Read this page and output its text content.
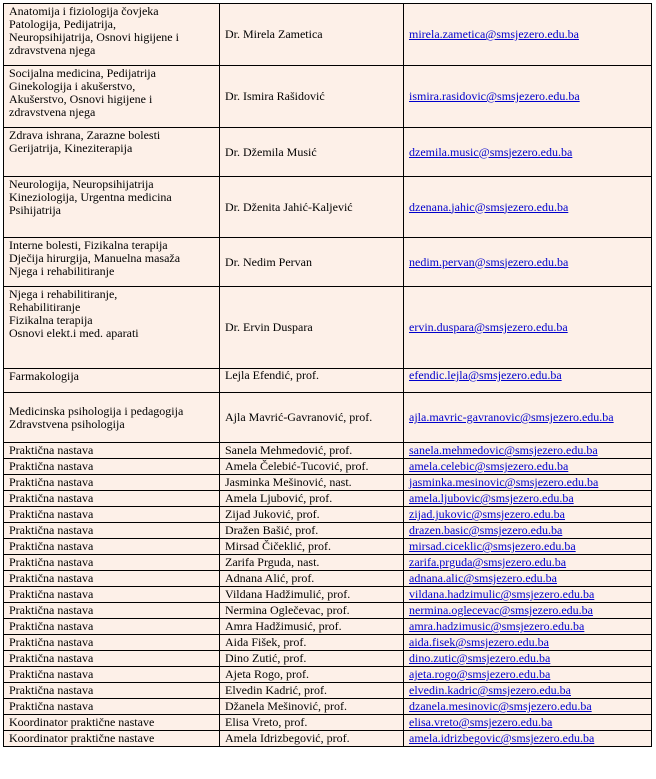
Anatomija i fiziologija čovjeka
Patologija, Pedijatrija,
Neuropsihijatrija, Osnovi higijene i
zdravstvena njega	Dr. Mirela Zametica	mirela.zametica@smsjezero.edu.ba
Socijalna medicina, Pedijatrija
Ginekologija i akušerstvo,
Akušerstvo, Osnovi higijene i
zdravstvena njega	Dr. Ismira Rašidović	ismira.rasidovic@smsjezero.edu.ba
Zdrava ishrana, Zarazne bolesti
Gerijatrija, Kineziterapija	Dr. Džemila Musić	dzemila.music@smsjezero.edu.ba
Neurologija, Neuropsihijatrija
Kineziologija, Urgentna medicina
Psihijatrija	Dr. Dženita Jahić-Kaljević	dzenana.jahic@smsjezero.edu.ba
Interne bolesti, Fizikalna terapija
Dječija hirurgija, Manuelna masaža
Njega i rehabilitiranje	Dr. Nedim Pervan	nedim.pervan@smsjezero.edu.ba
Njega i rehabilitiranje,
Rehabilitiranje
Fizikalna terapija
Osnovi elekt.i med. aparati	Dr. Ervin Duspara	ervin.duspara@smsjezero.edu.ba
Farmakologija	Lejla Efendić, prof.	efendic.lejla@smsjezero.edu.ba
Medicinska psihologija i pedagogija
Zdravstvena psihologija	Ajla Mavrić-Gavranović, prof.	ajla.mavric-gavranovic@smsjezero.edu.ba
Praktična nastava	Sanela Mehmedović, prof.	sanela.mehmedovic@smsjezero.edu.ba
Praktična nastava	Amela Čelebić-Tucović, prof.	amela.celebic@smsjezero.edu.ba
Praktična nastava	Jasminka Mešinović, nast.	jasminka.mesinovic@smsjezero.edu.ba
Praktična nastava	Amela Ljubović, prof.	amela.ljubovic@smsjezero.edu.ba
Praktična nastava	Zijad Juković, prof.	zijad.jukovic@smsjezero.edu.ba
Praktična nastava	Dražen Bašić, prof.	drazen.basic@smsjezero.edu.ba
Praktična nastava	Mirsad Čičeklić, prof.	mirsad.ciceklic@smsjezero.edu.ba
Praktična nastava	Zarifa Prguda, nast.	zarifa.prguda@smsjezero.edu.ba
Praktična nastava	Adnana Alić, prof.	adnana.alic@smsjezero.edu.ba
Praktična nastava	Vildana Hadžimulić, prof.	vildana.hadzimulic@smsjezero.edu.ba
Praktična nastava	Nermina Oglečevac, prof.	nermina.oglecevac@smsjezero.edu.ba
Praktična nastava	Amra Hadžimusić, prof.	amra.hadzimusic@smsjezero.edu.ba
Praktična nastava	Aida Fišek, prof.	aida.fisek@smsjezero.edu.ba
Praktična nastava	Dino Zutić, prof.	dino.zutic@smsjezero.edu.ba
Praktična nastava	Ajeta Rogo, prof.	ajeta.rogo@smsjezero.edu.ba
Praktična nastava	Elvedin Kadrić, prof.	elvedin.kadric@smsjezero.edu.ba
Praktična nastava	Džanela Mešinović, prof.	dzanela.mesinovic@smsjezero.edu.ba
Koordinator praktične nastave	Elisa Vreto, prof.	elisa.vreto@smsjezero.edu.ba
Koordinator praktične nastave	Amela Idrizbegović, prof.	amela.idrizbegovic@smsjezero.edu.ba
